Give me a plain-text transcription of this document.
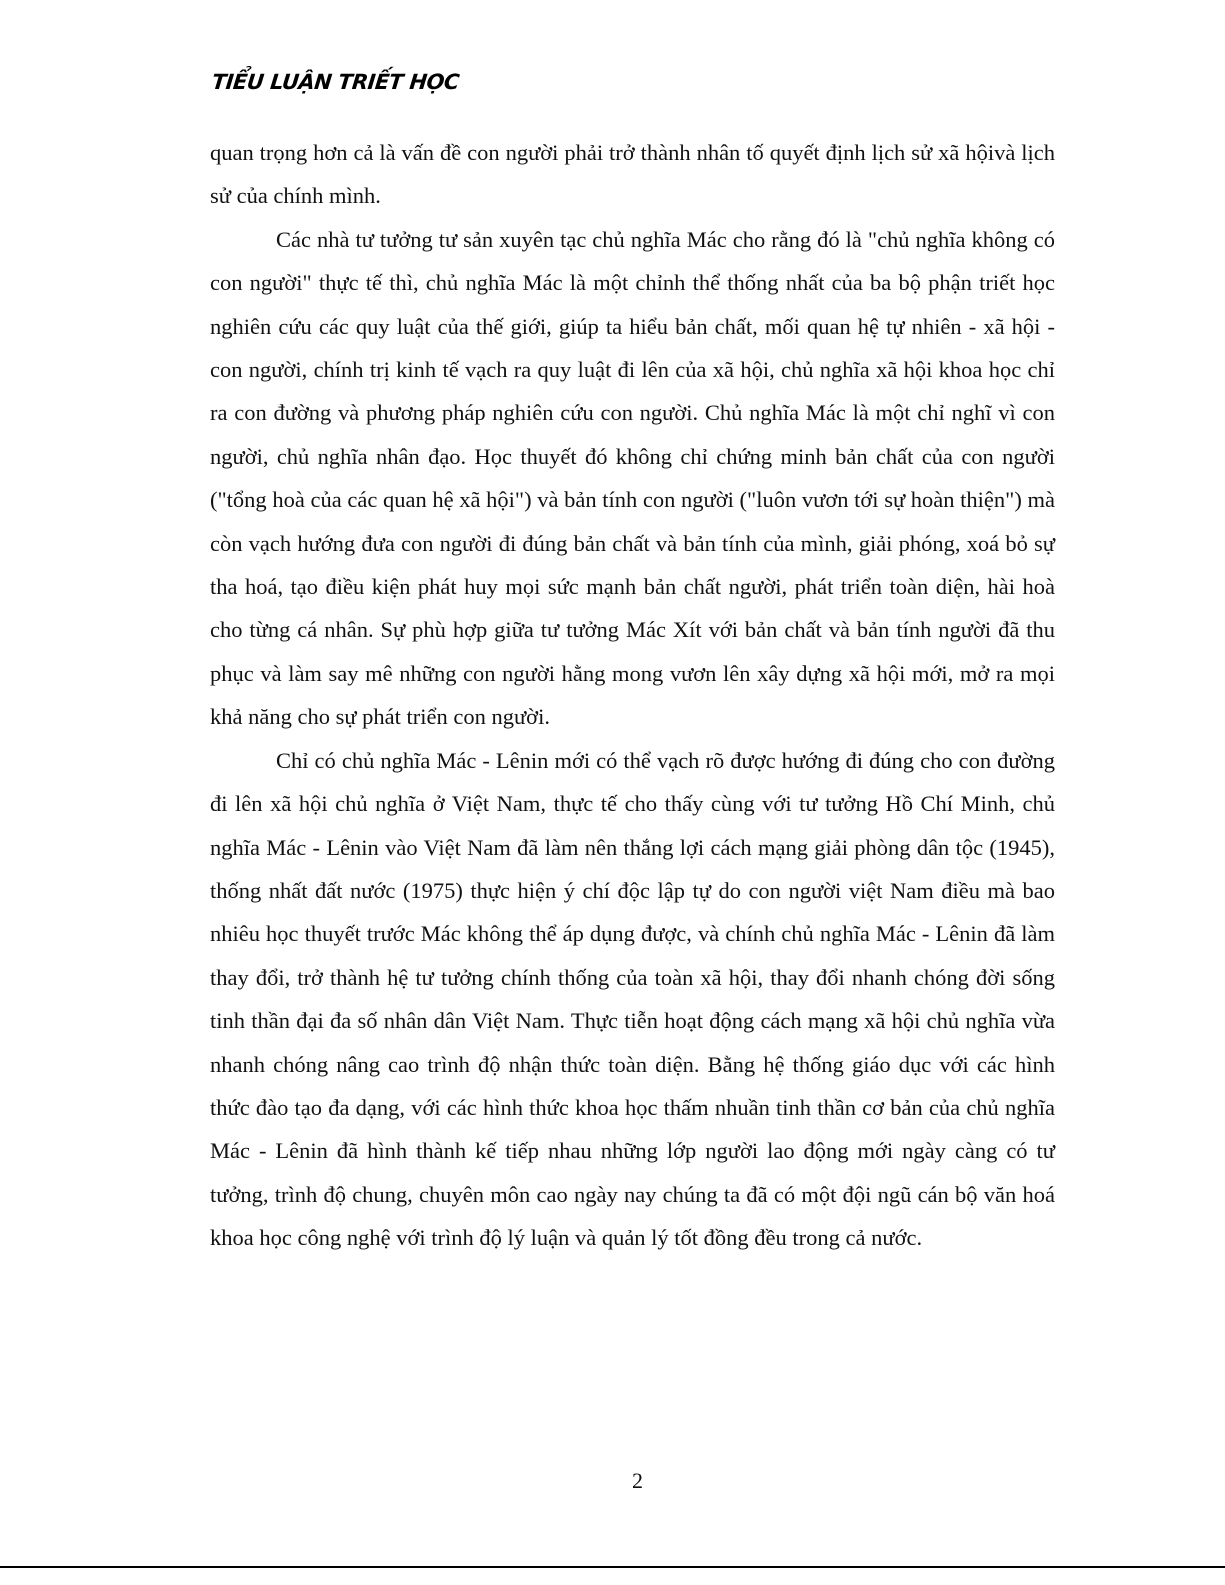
TIỂU LUẬN TRIẾT HỌC

quan trọng hơn cả là vấn đề con người phải trở thành nhân tố quyết định lịch sử xã hộivà lịch sử của chính mình.

Các nhà tư tưởng tư sản xuyên tạc chủ nghĩa Mác cho rằng đó là "chủ nghĩa không có con người" thực tế thì, chủ nghĩa Mác là một chỉnh thể thống nhất của ba bộ phận triết học nghiên cứu các quy luật của thế giới, giúp ta hiểu bản chất, mối quan hệ tự nhiên - xã hội - con người, chính trị kinh tế vạch ra quy luật đi lên của xã hội, chủ nghĩa xã hội khoa học chỉ ra con đường và phương pháp nghiên cứu con người. Chủ nghĩa Mác là một chỉ nghĩ vì con người, chủ nghĩa nhân đạo. Học thuyết đó không chỉ chứng minh bản chất của con người ("tổng hoà của các quan hệ xã hội") và bản tính con người ("luôn vươn tới sự hoàn thiện") mà còn vạch hướng đưa con người đi đúng bản chất và bản tính của mình, giải phóng, xoá bỏ sự tha hoá, tạo điều kiện phát huy mọi sức mạnh bản chất người, phát triển toàn diện, hài hoà cho từng cá nhân. Sự phù hợp giữa tư tưởng Mác Xít với bản chất và bản tính người đã thu phục và làm say mê những con người hằng mong vươn lên xây dựng xã hội mới, mở ra mọi khả năng cho sự phát triển con người.

Chỉ có chủ nghĩa Mác - Lênin mới có thể vạch rõ được hướng đi đúng cho con đường đi lên xã hội chủ nghĩa ở Việt Nam, thực tế cho thấy cùng với tư tưởng Hồ Chí Minh, chủ nghĩa Mác - Lênin vào Việt Nam đã làm nên thắng lợi cách mạng giải phòng dân tộc (1945), thống nhất đất nước (1975) thực hiện ý chí độc lập tự do con người việt Nam điều mà bao nhiêu học thuyết trước Mác không thể áp dụng được, và chính chủ nghĩa Mác - Lênin đã làm thay đổi, trở thành hệ tư tưởng chính thống của toàn xã hội, thay đổi nhanh chóng đời sống tinh thần đại đa số nhân dân Việt Nam. Thực tiễn hoạt động cách mạng xã hội chủ nghĩa vừa nhanh chóng nâng cao trình độ nhận thức toàn diện. Bằng hệ thống giáo dục với các hình thức đào tạo đa dạng, với các hình thức khoa học thấm nhuần tinh thần cơ bản của chủ nghĩa Mác - Lênin đã hình thành kế tiếp nhau những lớp người lao động mới ngày càng có tư tưởng, trình độ chung, chuyên môn cao ngày nay chúng ta đã có một đội ngũ cán bộ văn hoá khoa học công nghệ với trình độ lý luận và quản lý tốt đồng đều trong cả nước.

2
